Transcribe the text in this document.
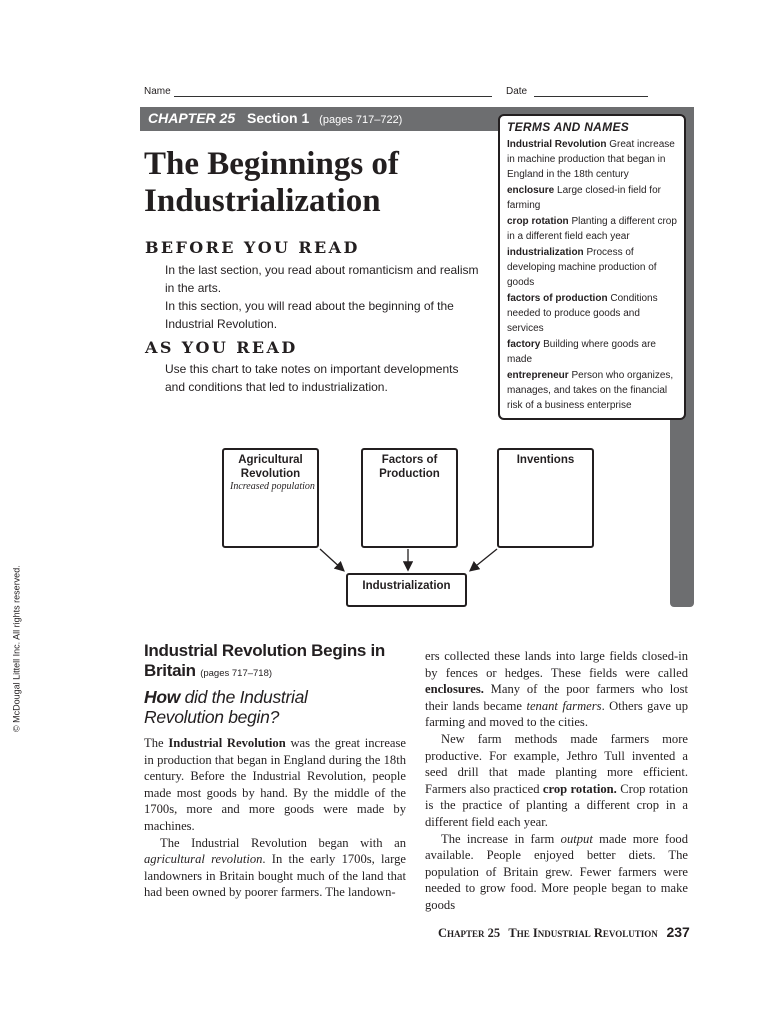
Name	Date
CHAPTER 25 Section 1 (pages 717–722)	TERMS AND NAMES
Industrial Revolution Great increase in machine production that began in England in the 18th century
enclosure Large closed-in field for farming
crop rotation Planting a different crop in a different field each year
industrialization Process of developing machine production of goods
factors of production Conditions needed to produce goods and services
factory Building where goods are made
entrepreneur Person who organizes, manages, and takes on the financial risk of a business enterprise
The Beginnings of
Industrialization
BEFORE YOU READ
In the last section, you read about romanticism and realism in the arts.
In this section, you will read about the beginning of the Industrial Revolution.
AS YOU READ
Use this chart to take notes on important developments and conditions that led to industrialization.
Agricultural
Revolution
Increased population
Factors of
Production
Inventions
Industrialization
© McDougal Littell Inc. All rights reserved.	Industrial Revolution Begins in
Britain (pages 717–718)
How did the Industrial
Revolution begin?

The Industrial Revolution was the great increase in production that began in England during the 18th century. Before the Industrial Revolution, people made most goods by hand. By the middle of the 1700s, more and more goods were made by machines.

The Industrial Revolution began with an agricultural revolution. In the early 1700s, large landowners in Britain bought much of the land that had been owned by poorer farmers. The landown-

ers collected these lands into large fields closed-in by fences or hedges. These fields were called enclosures. Many of the poor farmers who lost their lands became tenant farmers. Others gave up farming and moved to the cities.

New farm methods made farmers more productive. For example, Jethro Tull invented a seed drill that made planting more efficient. Farmers also practiced crop rotation. Crop rotation is the practice of planting a different crop in a different field each year.

The increase in farm output made more food available. People enjoyed better diets. The population of Britain grew. Fewer farmers were needed to grow food. More people began to make goods

Chapter 25 The Industrial Revolution 237
